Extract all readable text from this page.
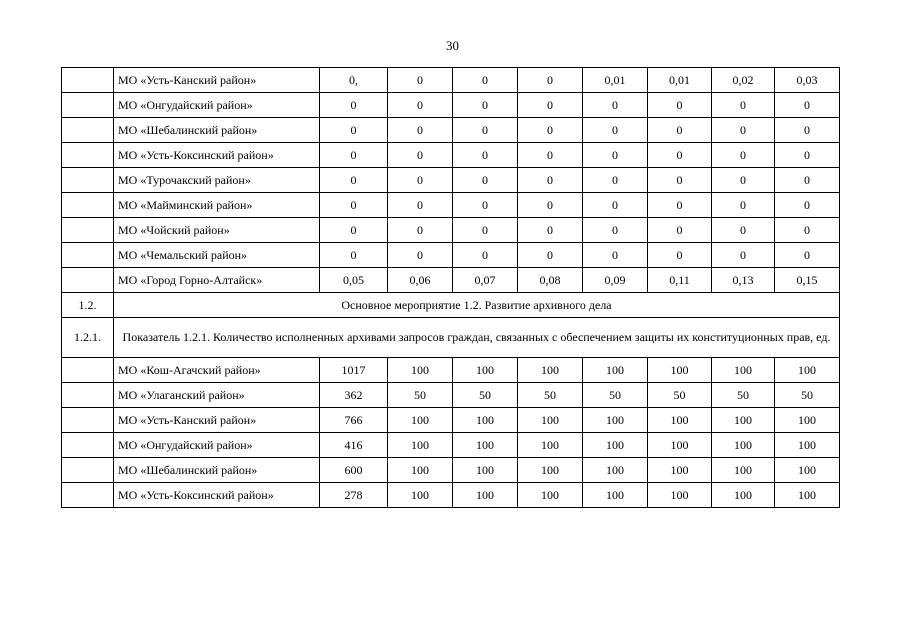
30
	МО «Усть-Канский район»	0,	0	0	0	0,01	0,01	0,02	0,03
	МО «Онгудайский район»	0	0	0	0	0	0	0	0
	МО «Шебалинский район»	0	0	0	0	0	0	0	0
	МО «Усть-Коксинский район»	0	0	0	0	0	0	0	0
	МО «Турочакский район»	0	0	0	0	0	0	0	0
	МО «Майминский район»	0	0	0	0	0	0	0	0
	МО «Чойский район»	0	0	0	0	0	0	0	0
	МО «Чемальский район»	0	0	0	0	0	0	0	0
	МО «Город Горно-Алтайск»	0,05	0,06	0,07	0,08	0,09	0,11	0,13	0,15
1.2.	Основное мероприятие 1.2. Развитие архивного дела								
1.2.1.	Показатель 1.2.1. Количество исполненных архивами запросов граждан, связанных с обеспечением защиты их конституционных прав, ед.								
	МО «Кош-Агачский район»	1017	100	100	100	100	100	100	100
	МО «Улаганский район»	362	50	50	50	50	50	50	50
	МО «Усть-Канский район»	766	100	100	100	100	100	100	100
	МО «Онгудайский район»	416	100	100	100	100	100	100	100
	МО «Шебалинский район»	600	100	100	100	100	100	100	100
	МО «Усть-Коксинский район»	278	100	100	100	100	100	100	100
